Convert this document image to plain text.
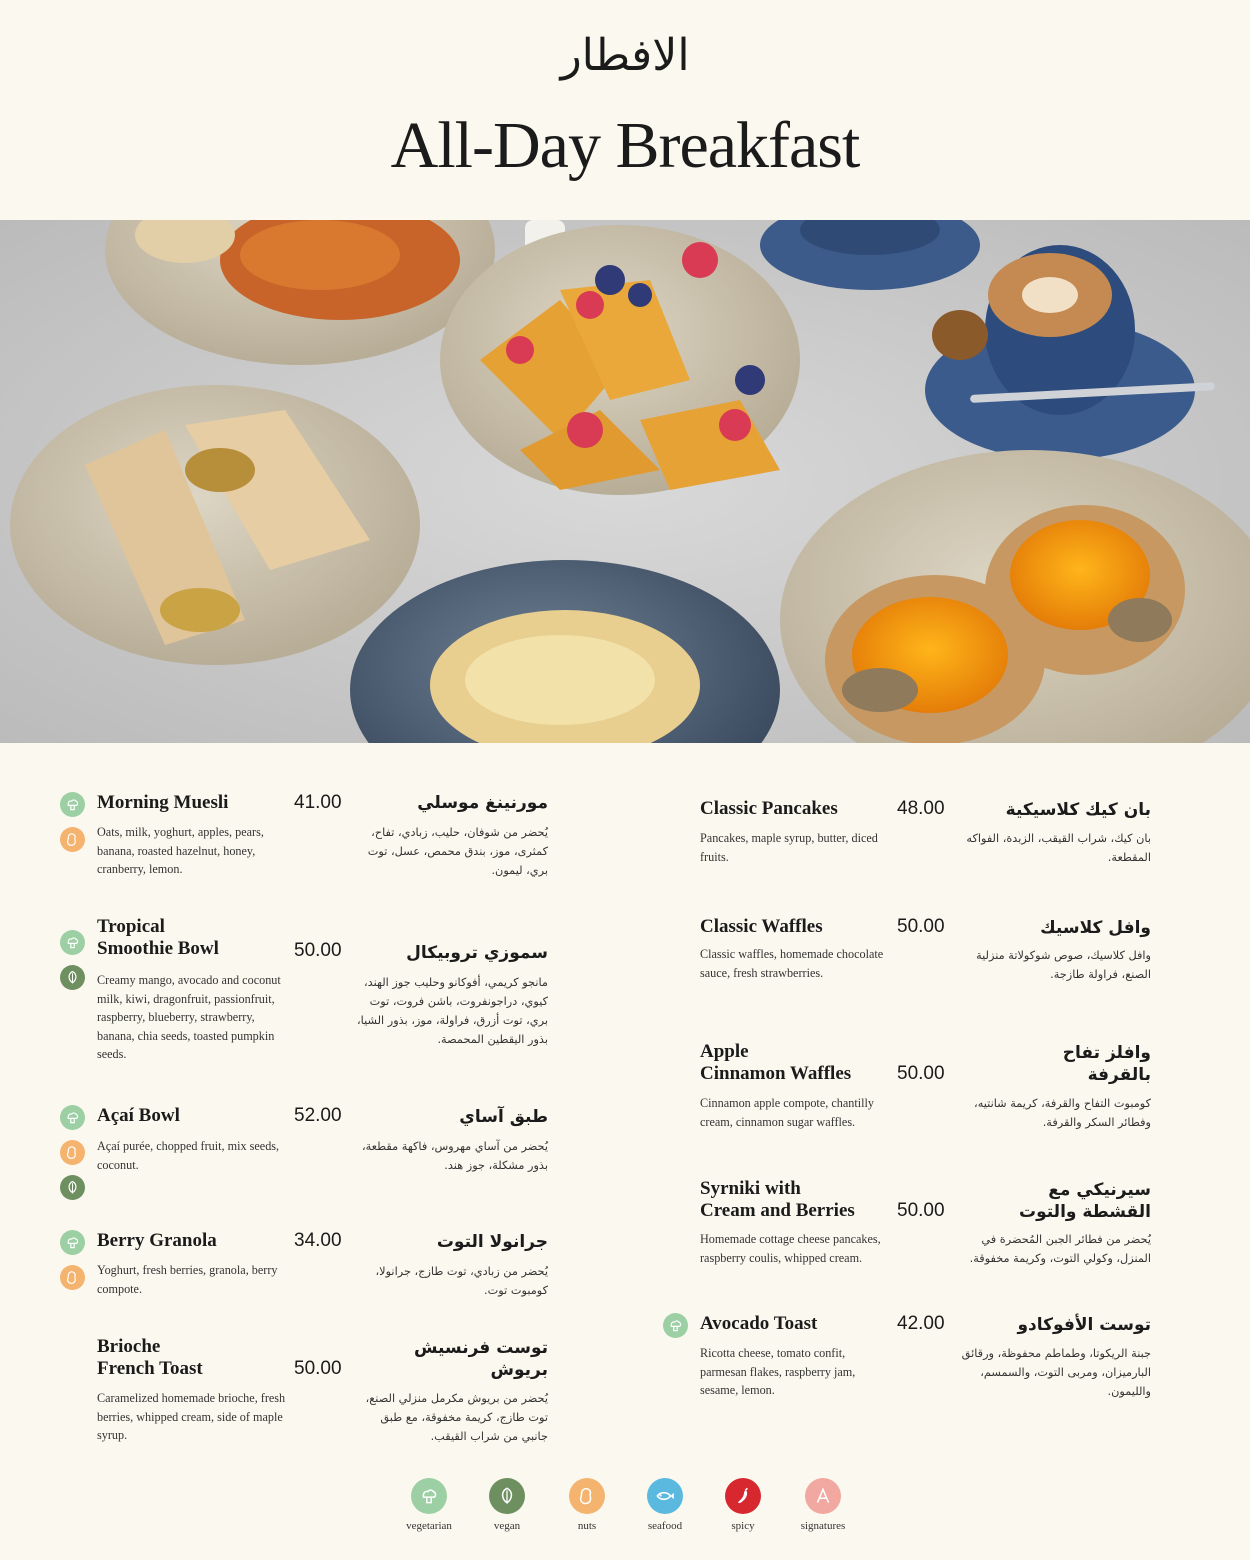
الافطار
All-Day Breakfast
Morning Muesli	41.00
Oats, milk, yoghurt, apples, pears, banana, roasted hazelnut, honey, cranberry, lemon.
مورنينغ موسلي
يُحضر من شوفان، حليب، زبادي، تفاح، كمثرى، موز، بندق محمص، عسل، توت بري، ليمون.
Tropical
Smoothie Bowl	50.00
Creamy mango, avocado and coconut milk, kiwi, dragonfruit, passionfruit, raspberry, blueberry, strawberry, banana, chia seeds, toasted pumpkin seeds.
سموزي تروبيكال
مانجو كريمي، أفوكانو وحليب جوز الهند، كيوي، دراجونفروت، باشن فروت، توت بري، توت أزرق، فراولة، موز، بذور الشيا، بذور اليقطين المحمصة.
Açaí Bowl	52.00
Açaí purée, chopped fruit, mix seeds, coconut.
طبق آساي
يُحضر من آساي مهروس، فاكهة مقطعة، بذور مشكلة، جوز هند.
Berry Granola	34.00
Yoghurt, fresh berries, granola, berry compote.
جرانولا التوت
يُحضر من زبادي، توت طازج، جرانولا، كومبوت توت.
Brioche
French Toast	50.00
Caramelized homemade brioche, fresh berries, whipped cream, side of maple syrup.
توست فرنسيش
بريوش
يُحضر من بريوش مكرمل منزلي الصنع، توت طازج، كريمة مخفوقة، مع طبق جانبي من شراب القيقب.
Classic Pancakes	48.00
Pancakes, maple syrup, butter, diced fruits.
بان كيك كلاسيكية
بان كيك، شراب القيقب، الزبدة، الفواكه المقطعة.
Classic Waffles	50.00
Classic waffles, homemade chocolate sauce, fresh strawberries.
وافل كلاسيك
وافل كلاسيك، صوص شوكولاتة منزلية الصنع، فراولة طازجة.
Apple
Cinnamon Waffles	50.00
Cinnamon apple compote, chantilly cream, cinnamon sugar waffles.
وافلز تفاح
بالقرفة
كومبوت التفاح والقرفة، كريمة شانتيه، وفطائر السكر والقرفة.
Syrniki with
Cream and Berries	50.00
Homemade cottage cheese pancakes, raspberry coulis, whipped cream.
سيرنيكي مع
القشطة والتوت
يُحضر من فطائر الجبن المُحضرة في المنزل، وكولي التوت، وكريمة مخفوقة.
Avocado Toast	42.00
Ricotta cheese, tomato confit, parmesan flakes, raspberry jam, sesame, lemon.
توست الأفوكادو
جبنة الريكوتا، وطماطم محفوظة، ورقائق البارميزان، ومربى التوت، والسمسم، والليمون.
vegetarian	vegan	nuts	seafood	spicy	signatures
